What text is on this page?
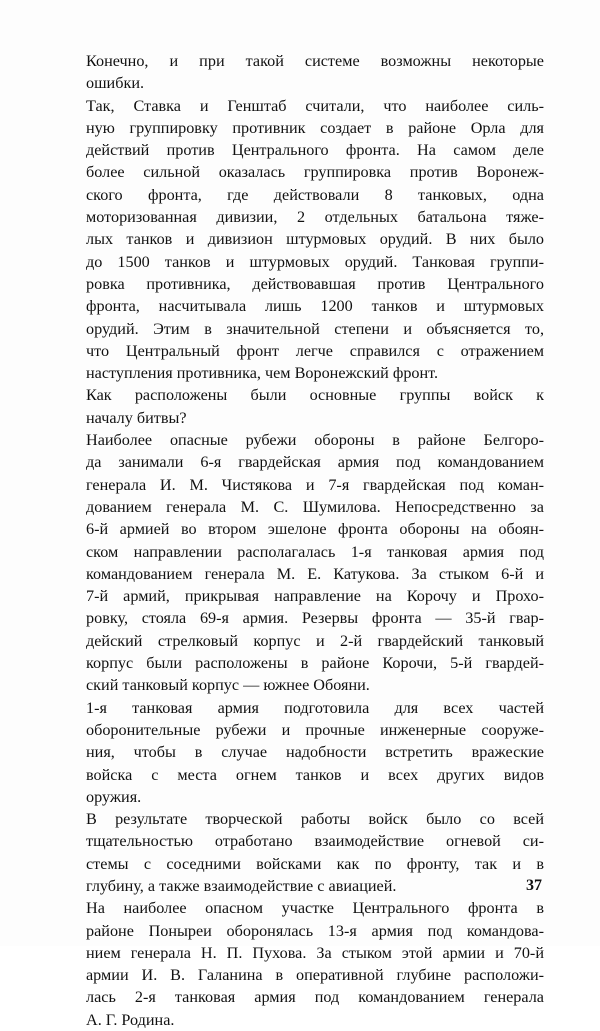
Конечно, и при такой системе возможны некоторые
ошибки.
Так, Ставка и Генштаб считали, что наиболее силь-
ную группировку противник создает в районе Орла для
действий против Центрального фронта. На самом деле
более сильной оказалась группировка против Воронеж-
ского фронта, где действовали 8 танковых, одна
моторизованная дивизии, 2 отдельных батальона тяже-
лых танков и дивизион штурмовых орудий. В них было
до 1500 танков и штурмовых орудий. Танковая группи-
ровка противника, действовавшая против Центрального
фронта, насчитывала лишь 1200 танков и штурмовых
орудий. Этим в значительной степени и объясняется то,
что Центральный фронт легче справился с отражением
наступления противника, чем Воронежский фронт.
Как расположены были основные группы войск к
началу битвы?
Наиболее опасные рубежи обороны в районе Белгоро-
да занимали 6-я гвардейская армия под командованием
генерала И. М. Чистякова и 7-я гвардейская под коман-
дованием генерала М. С. Шумилова. Непосредственно за
6-й армией во втором эшелоне фронта обороны на обоян-
ском направлении располагалась 1-я танковая армия под
командованием генерала М. Е. Катукова. За стыком 6-й и
7-й армий, прикрывая направление на Корочу и Прохо-
ровку, стояла 69-я армия. Резервы фронта — 35-й гвар-
дейский стрелковый корпус и 2-й гвардейский танковый
корпус были расположены в районе Корочи, 5-й гвардей-
ский танковый корпус — южнее Обояни.
1-я танковая армия подготовила для всех частей
оборонительные рубежи и прочные инженерные сооруже-
ния, чтобы в случае надобности встретить вражеские
войска с места огнем танков и всех других видов
оружия.
В результате творческой работы войск было со всей
тщательностью отработано взаимодействие огневой си-
стемы с соседними войсками как по фронту, так и в
глубину, а также взаимодействие с авиацией.
На наиболее опасном участке Центрального фронта в
районе Поныреи оборонялась 13-я армия под командова-
нием генерала Н. П. Пухова. За стыком этой армии и 70-й
армии И. В. Галанина в оперативной глубине расположи-
лась 2-я танковая армия под командованием генерала
А. Г. Родина.
37
